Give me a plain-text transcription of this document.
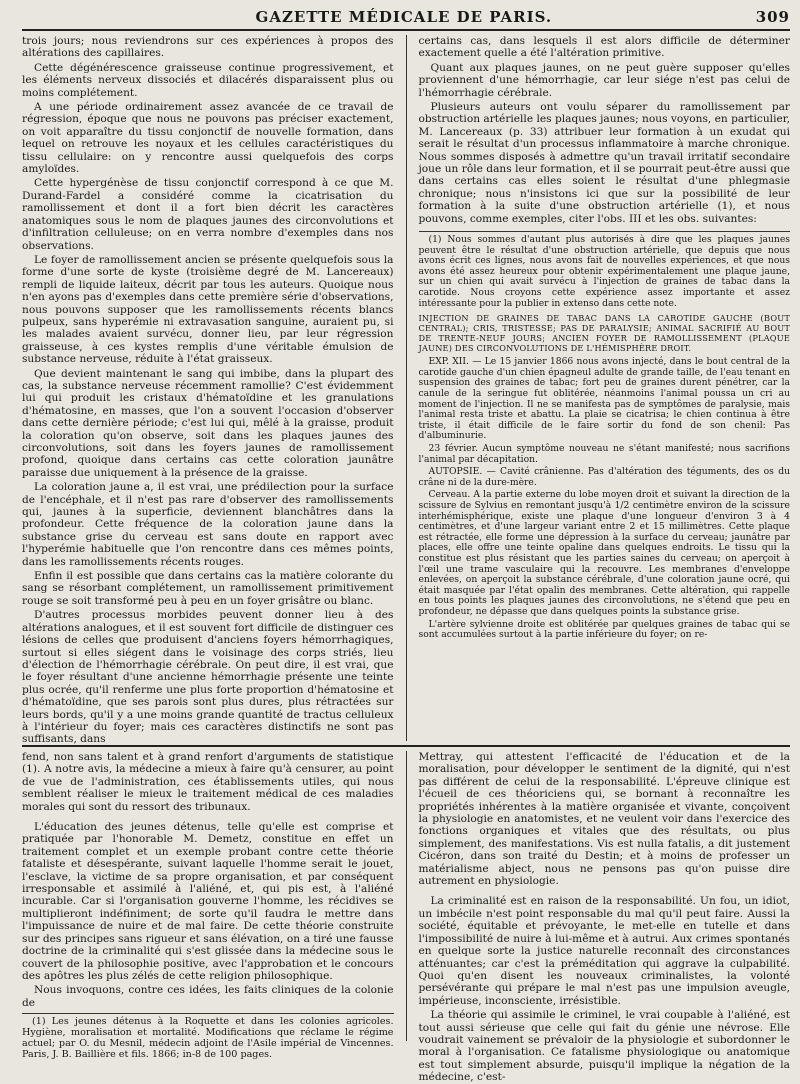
GAZETTE MÉDICALE DE PARIS.	309

trois jours; nous reviendrons sur ces expériences à propos des altérations des capillaires.

Cette dégénérescence graisseuse continue progressivement, et les éléments nerveux dissociés et dilacérés disparaissent plus ou moins complétement.

A une période ordinairement assez avancée de ce travail de régression, époque que nous ne pouvons pas préciser exactement, on voit apparaître du tissu conjonctif de nouvelle formation, dans lequel on retrouve les noyaux et les cellules caractéristiques du tissu cellulaire: on y rencontre aussi quelquefois des corps amyloïdes.

Cette hypergénèse de tissu conjonctif correspond à ce que M. Durand-Fardel a considéré comme la cicatrisation du ramollissement et dont il a fort bien décrit les caractères anatomiques sous le nom de plaques jaunes des circonvolutions et d'infiltration celluleuse; on en verra nombre d'exemples dans nos observations.

Le foyer de ramollissement ancien se présente quelquefois sous la forme d'une sorte de kyste (troisième degré de M. Lancereaux) rempli de liquide laiteux, décrit par tous les auteurs. Quoique nous n'en ayons pas d'exemples dans cette première série d'observations, nous pouvons supposer que les ramollissements récents blancs pulpeux, sans hyperémie ni extravasation sanguine, auraient pu, si les malades avaient survécu, donner lieu, par leur régression graisseuse, à ces kystes remplis d'une véritable émulsion de substance nerveuse, réduite à l'état graisseux.

Que devient maintenant le sang qui imbibe, dans la plupart des cas, la substance nerveuse récemment ramollie? C'est évidemment lui qui produit les cristaux d'hématoïdine et les granulations d'hématosine, en masses, que l'on a souvent l'occasion d'observer dans cette dernière période; c'est lui qui, mêlé à la graisse, produit la coloration qu'on observe, soit dans les plaques jaunes des circonvolutions, soit dans les foyers jaunes de ramollissement profond, quoique dans certains cas cette coloration jaunâtre paraisse due uniquement à la présence de la graisse.

La coloration jaune a, il est vrai, une prédilection pour la surface de l'encéphale, et il n'est pas rare d'observer des ramollissements qui, jaunes à la superficie, deviennent blanchâtres dans la profondeur. Cette fréquence de la coloration jaune dans la substance grise du cerveau est sans doute en rapport avec l'hyperémie habituelle que l'on rencontre dans ces mêmes points, dans les ramollissements récents rouges.

Enfin il est possible que dans certains cas la matière colorante du sang se résorbant complétement, un ramollissement primitivement rouge se soit transformé peu à peu en un foyer grisâtre ou blanc.

D'autres processus morbides peuvent donner lieu à des altérations analogues, et il est souvent fort difficile de distinguer ces lésions de celles que produisent d'anciens foyers hémorrhagiques, surtout si elles siégent dans le voisinage des corps striés, lieu d'élection de l'hémorrhagie cérébrale. On peut dire, il est vrai, que le foyer résultant d'une ancienne hémorrhagie présente une teinte plus ocrée, qu'il renferme une plus forte proportion d'hématosine et d'hématoïdine, que ses parois sont plus dures, plus rétractées sur leurs bords, qu'il y a une moins grande quantité de tractus celluleux à l'intérieur du foyer; mais ces caractères distinctifs ne sont pas suffisants, dans

certains cas, dans lesquels il est alors difficile de déterminer exactement quelle a été l'altération primitive.

Quant aux plaques jaunes, on ne peut guère supposer qu'elles proviennent d'une hémorrhagie, car leur siége n'est pas celui de l'hémorrhagie cérébrale.

Plusieurs auteurs ont voulu séparer du ramollissement par obstruction artérielle les plaques jaunes; nous voyons, en particulier, M. Lancereaux (p. 33) attribuer leur formation à un exudat qui serait le résultat d'un processus inflammatoire à marche chronique. Nous sommes disposés à admettre qu'un travail irritatif secondaire joue un rôle dans leur formation, et il se pourrait peut-être aussi que dans certains cas elles soient le résultat d'une phlegmasie chronique; nous n'insistons ici que sur la possibilité de leur formation à la suite d'une obstruction artérielle (1), et nous pouvons, comme exemples, citer l'obs. III et les obs. suivantes:

(1) Nous sommes d'autant plus autorisés à dire que les plaques jaunes peuvent être le résultat d'une obstruction artérielle, que depuis que nous avons écrit ces lignes, nous avons fait de nouvelles expériences, et que nous avons été assez heureux pour obtenir expérimentalement une plaque jaune, sur un chien qui avait survécu à l'injection de graines de tabac dans la carotide. Nous croyons cette expérience assez importante et assez intéressante pour la publier in extenso dans cette note.

INJECTION DE GRAINES DE TABAC DANS LA CAROTIDE GAUCHE (BOUT CENTRAL); CRIS, TRISTESSE; PAS DE PARALYSIE; ANIMAL SACRIFIÉ AU BOUT DE TRENTE-NEUF JOURS; ANCIEN FOYER DE RAMOLLISSEMENT (PLAQUE JAUNE) DES CIRCONVOLUTIONS DE L'HÉMISPHÈRE DROIT.

EXP. XII. — Le 15 janvier 1866 nous avons injecté, dans le bout central de la carotide gauche d'un chien épagneul adulte de grande taille, de l'eau tenant en suspension des graines de tabac; fort peu de graines durent pénétrer, car la canule de la seringue fut oblitérée, néanmoins l'animal poussa un cri au moment de l'injection. Il ne se manifesta pas de symptômes de paralysie, mais l'animal resta triste et abattu. La plaie se cicatrisa; le chien continua à être triste, il était difficile de le faire sortir du fond de son chenil: Pas d'albuminurie.

23 février. Aucun symptôme nouveau ne s'étant manifesté; nous sacrifions l'animal par décapitation.

AUTOPSIE. — Cavité crânienne. Pas d'altération des téguments, des os du crâne ni de la dure-mère.

Cerveau. A la partie externe du lobe moyen droit et suivant la direction de la scissure de Sylvius en remontant jusqu'à 1/2 centimètre environ de la scissure interhémisphérique, existe une plaque d'une longueur d'environ 3 à 4 centimètres, et d'une largeur variant entre 2 et 15 millimètres. Cette plaque est rétractée, elle forme une dépression à la surface du cerveau; jaunâtre par places, elle offre une teinte opaline dans quelques endroits. Le tissu qui la constitue est plus résistant que les parties saines du cerveau; on aperçoit à l'œil une trame vasculaire qui la recouvre. Les membranes d'enveloppe enlevées, on aperçoit la substance cérébrale, d'une coloration jaune ocré, qui était masquée par l'état opalin des membranes. Cette altération, qui rappelle en tous points les plaques jaunes des circonvolutions, ne s'étend que peu en profondeur, ne dépasse que dans quelques points la substance grise.

L'artère sylvienne droite est oblitérée par quelques graines de tabac qui se sont accumulées surtout à la partie inférieure du foyer; on re-

fend, non sans talent et à grand renfort d'arguments de statistique (1). A notre avis, la médecine a mieux à faire qu'à censurer, au point de vue de l'administration, ces établissements utiles, qui nous semblent réaliser le mieux le traitement médical de ces maladies morales qui sont du ressort des tribunaux.

L'éducation des jeunes détenus, telle qu'elle est comprise et pratiquée par l'honorable M. Demetz, constitue en effet un traitement complet et un exemple probant contre cette théorie fataliste et désespérante, suivant laquelle l'homme serait le jouet, l'esclave, la victime de sa propre organisation, et par conséquent irresponsable et assimilé à l'aliéné, et, qui pis est, à l'aliéné incurable. Car si l'organisation gouverne l'homme, les récidives se multiplieront indéfiniment; de sorte qu'il faudra le mettre dans l'impuissance de nuire et de mal faire. De cette théorie construite sur des principes sans rigueur et sans élévation, on a tiré une fausse doctrine de la criminalité qui s'est glissée dans la médecine sous le couvert de la philosophie positive, avec l'approbation et le concours des apôtres les plus zélés de cette religion philosophique.

Nous invoquons, contre ces idées, les faits cliniques de la colonie de

(1) Les jeunes détenus à la Roquette et dans les colonies agricoles. Hygiène, moralisation et mortalité. Modifications que réclame le régime actuel; par O. du Mesnil, médecin adjoint de l'Asile impérial de Vincennes. Paris, J. B. Baillière et fils. 1866; in-8 de 100 pages.

Mettray, qui attestent l'efficacité de l'éducation et de la moralisation, pour développer le sentiment de la dignité, qui n'est pas différent de celui de la responsabilité. L'épreuve clinique est l'écueil de ces théoriciens qui, se bornant à reconnaître les propriétés inhérentes à la matière organisée et vivante, conçoivent la physiologie en anatomistes, et ne veulent voir dans l'exercice des fonctions organiques et vitales que des résultats, ou plus simplement, des manifestations. Vis est nulla fatalis, a dit justement Cicéron, dans son traité du Destin; et à moins de professer un matérialisme abject, nous ne pensons pas qu'on puisse dire autrement en physiologie.

La criminalité est en raison de la responsabilité. Un fou, un idiot, un imbécile n'est point responsable du mal qu'il peut faire. Aussi la société, équitable et prévoyante, le met-elle en tutelle et dans l'impossibilité de nuire à lui-même et à autrui. Aux crimes spontanés en quelque sorte la justice naturelle reconnaît des circonstances atténuantes; car c'est la préméditation qui aggrave la culpabilité. Quoi qu'en disent les nouveaux criminalistes, la volonté persévérante qui prépare le mal n'est pas une impulsion aveugle, impérieuse, inconsciente, irrésistible.

La théorie qui assimile le criminel, le vrai coupable à l'aliéné, est tout aussi sérieuse que celle qui fait du génie une névrose. Elle voudrait vainement se prévaloir de la physiologie et subordonner le moral à l'organisation. Ce fatalisme physiologique ou anatomique est tout simplement absurde, puisqu'il implique la négation de la médecine, c'est-
